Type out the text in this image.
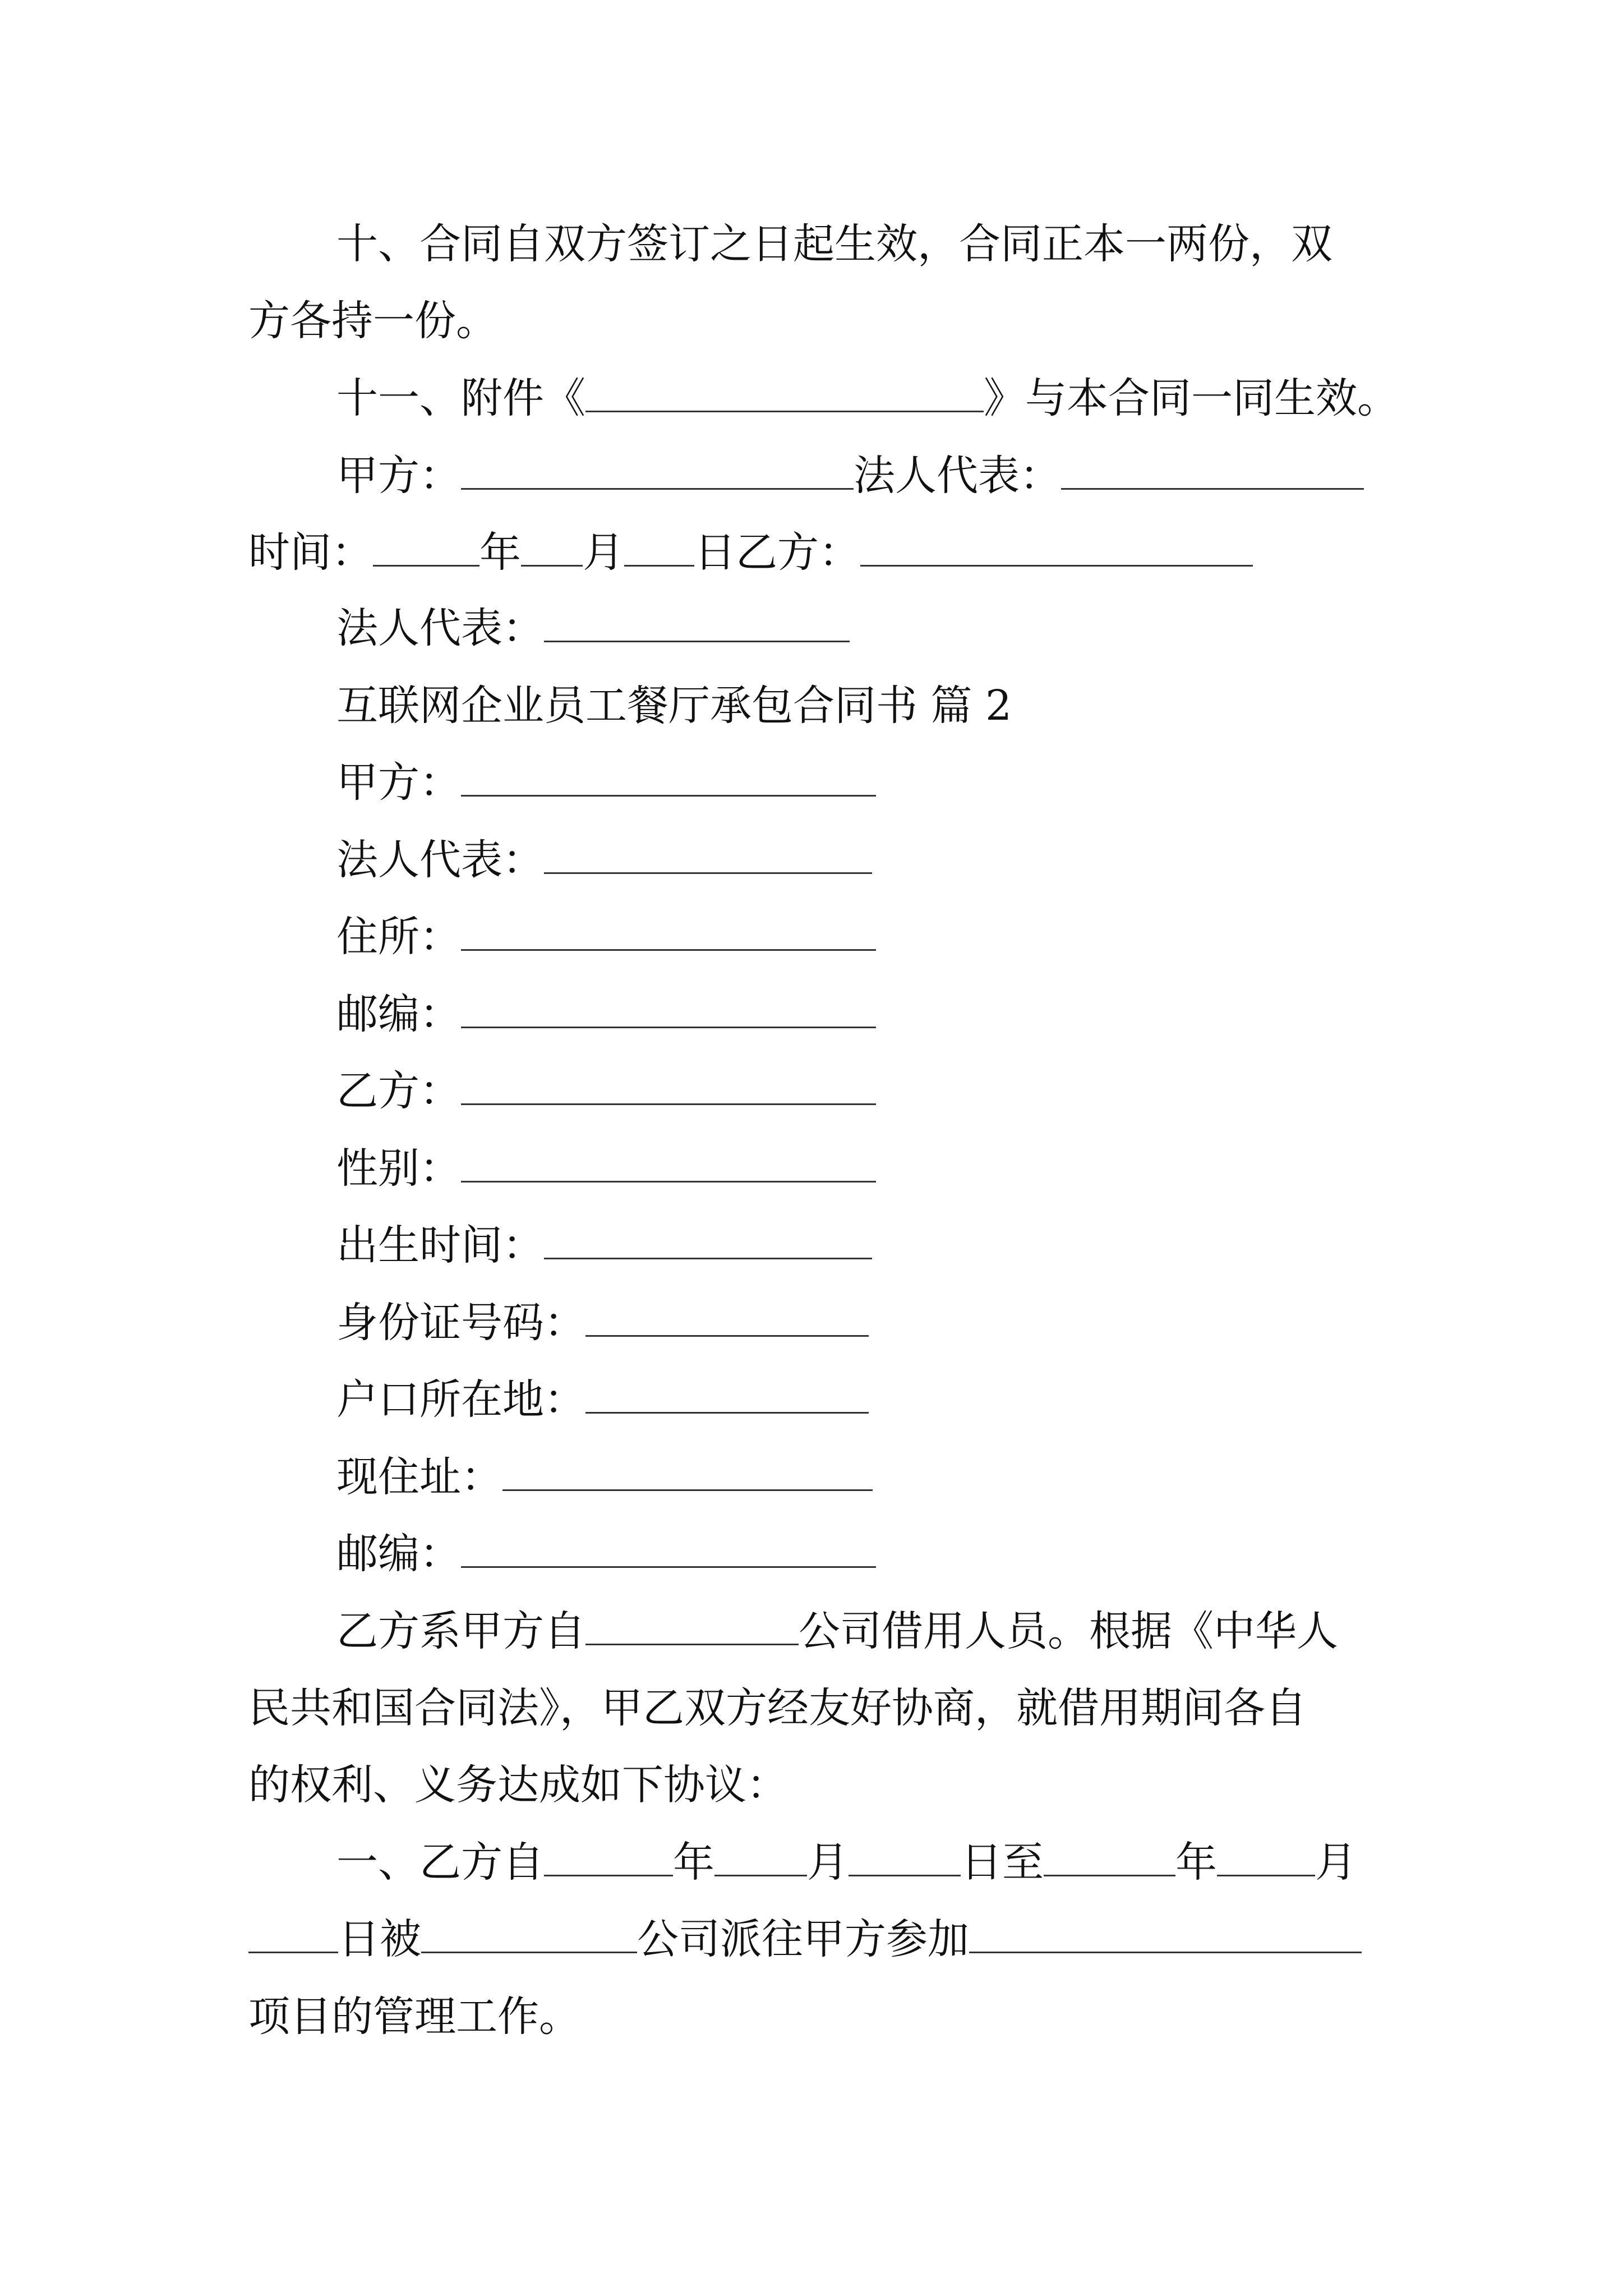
十、合同自双方签订之日起生效，合同正本一两份，双
方各持一份。
十一、附件《	》与本合同一同生效。
甲方：	法人代表：
时间：	年 月 日乙方：
法人代表：
互联网企业员工餐厅承包合同书 篇 2
甲方：
法人代表：
住所：
邮编：
乙方：
性别：
出生时间：
身份证号码：
户口所在地：
现住址：
邮编：
乙方系甲方自	公司借用人员。根据《中华人
民共和国合同法》，甲乙双方经友好协商，就借用期间各自
的权利、义务达成如下协议：
一、乙方自	年 月	日至	年 月
日被	公司派往甲方参加
项目的管理工作。
